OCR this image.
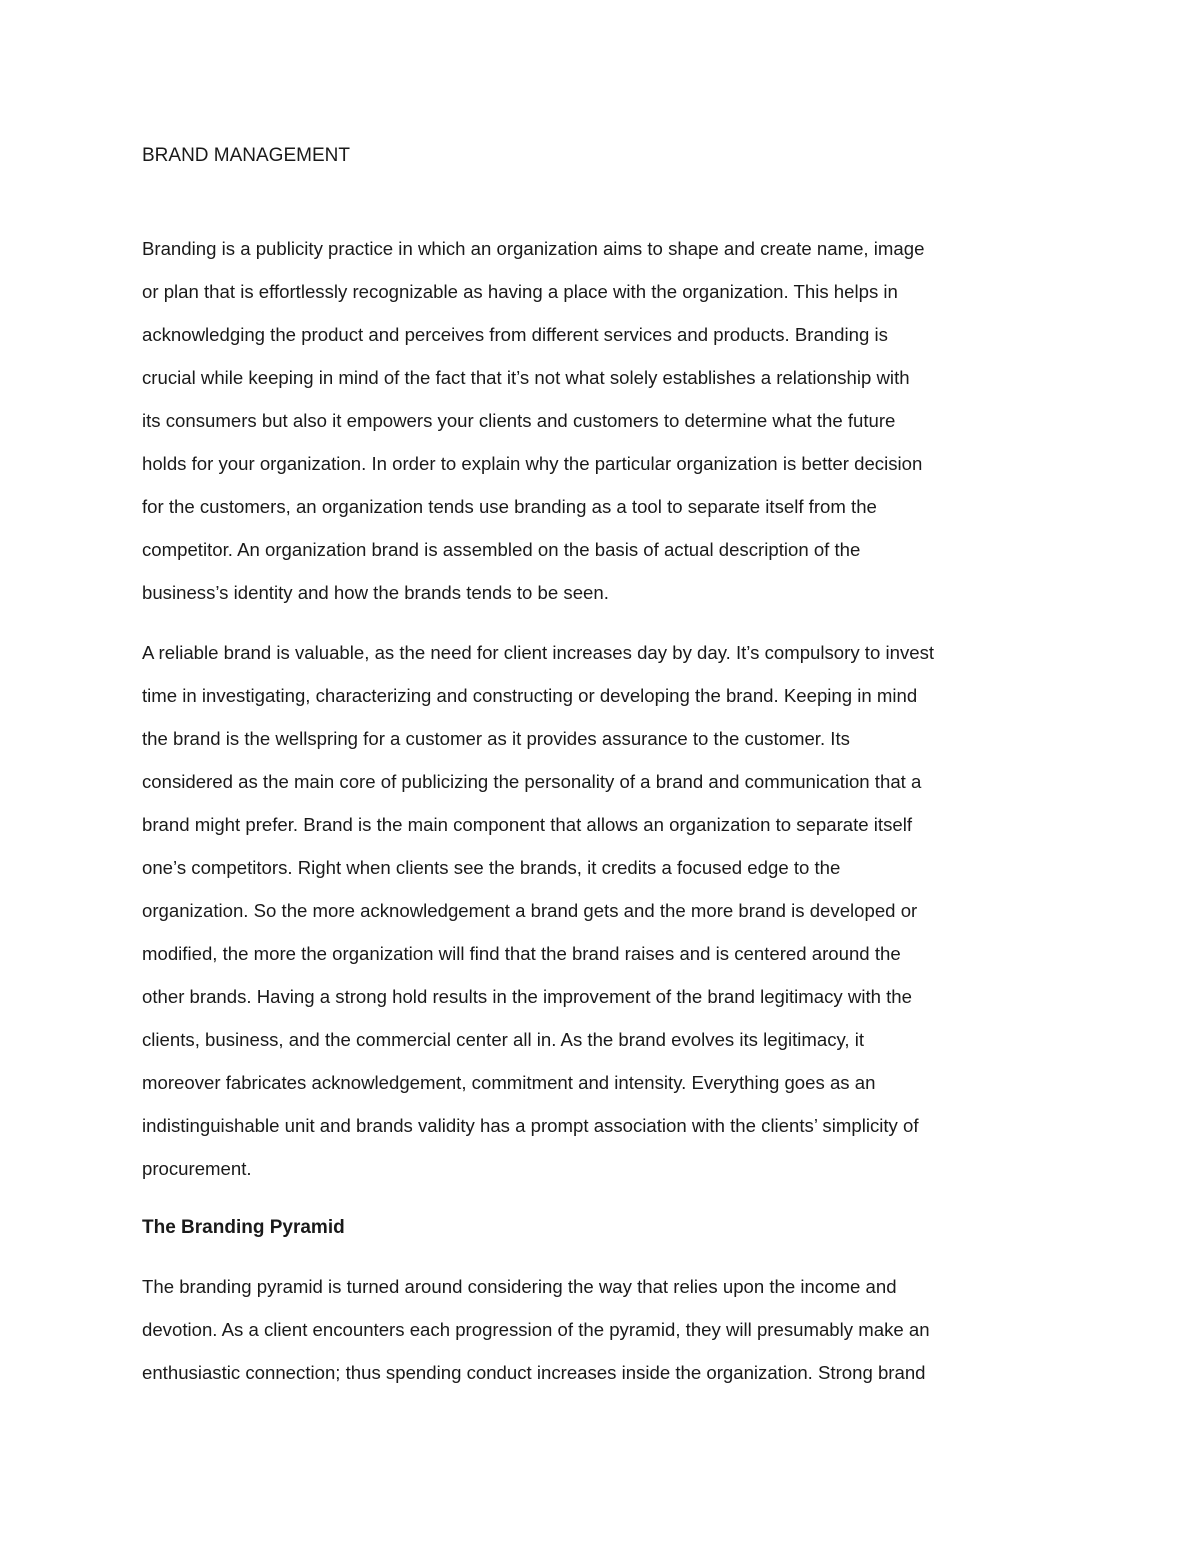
BRAND MANAGEMENT

Branding is a publicity practice in which an organization aims to shape and create name, image

or plan that is effortlessly recognizable as having a place with the organization. This helps in

acknowledging the product and perceives from different services and products. Branding is

crucial while keeping in mind of the fact that it’s not what solely establishes a relationship with

its consumers but also it empowers your clients and customers to determine what the future

holds for your organization. In order to explain why the particular organization is better decision

for the customers, an organization tends use branding as a tool to separate itself from the

competitor. An organization brand is assembled on the basis of actual description of the

business’s identity and how the brands tends to be seen.

A reliable brand is valuable, as the need for client increases day by day. It’s compulsory to invest

time in investigating, characterizing and constructing or developing the brand. Keeping in mind

the brand is the wellspring for a customer as it provides assurance to the customer. Its

considered as the main core of publicizing the personality of a brand and communication that a

brand might prefer. Brand is the main component that allows an organization to separate itself

one’s competitors. Right when clients see the brands, it credits a focused edge to the

organization. So the more acknowledgement a brand gets and the more brand is developed or

modified, the more the organization will find that the brand raises and is centered around the

other brands. Having a strong hold results in the improvement of the brand legitimacy with the

clients, business, and the commercial center all in. As the brand evolves its legitimacy, it

moreover fabricates acknowledgement, commitment and intensity. Everything goes as an

indistinguishable unit and brands validity has a prompt association with the clients’ simplicity of

procurement.

The Branding Pyramid

The branding pyramid is turned around considering the way that relies upon the income and

devotion. As a client encounters each progression of the pyramid, they will presumably make an

enthusiastic connection; thus spending conduct increases inside the organization. Strong brand
